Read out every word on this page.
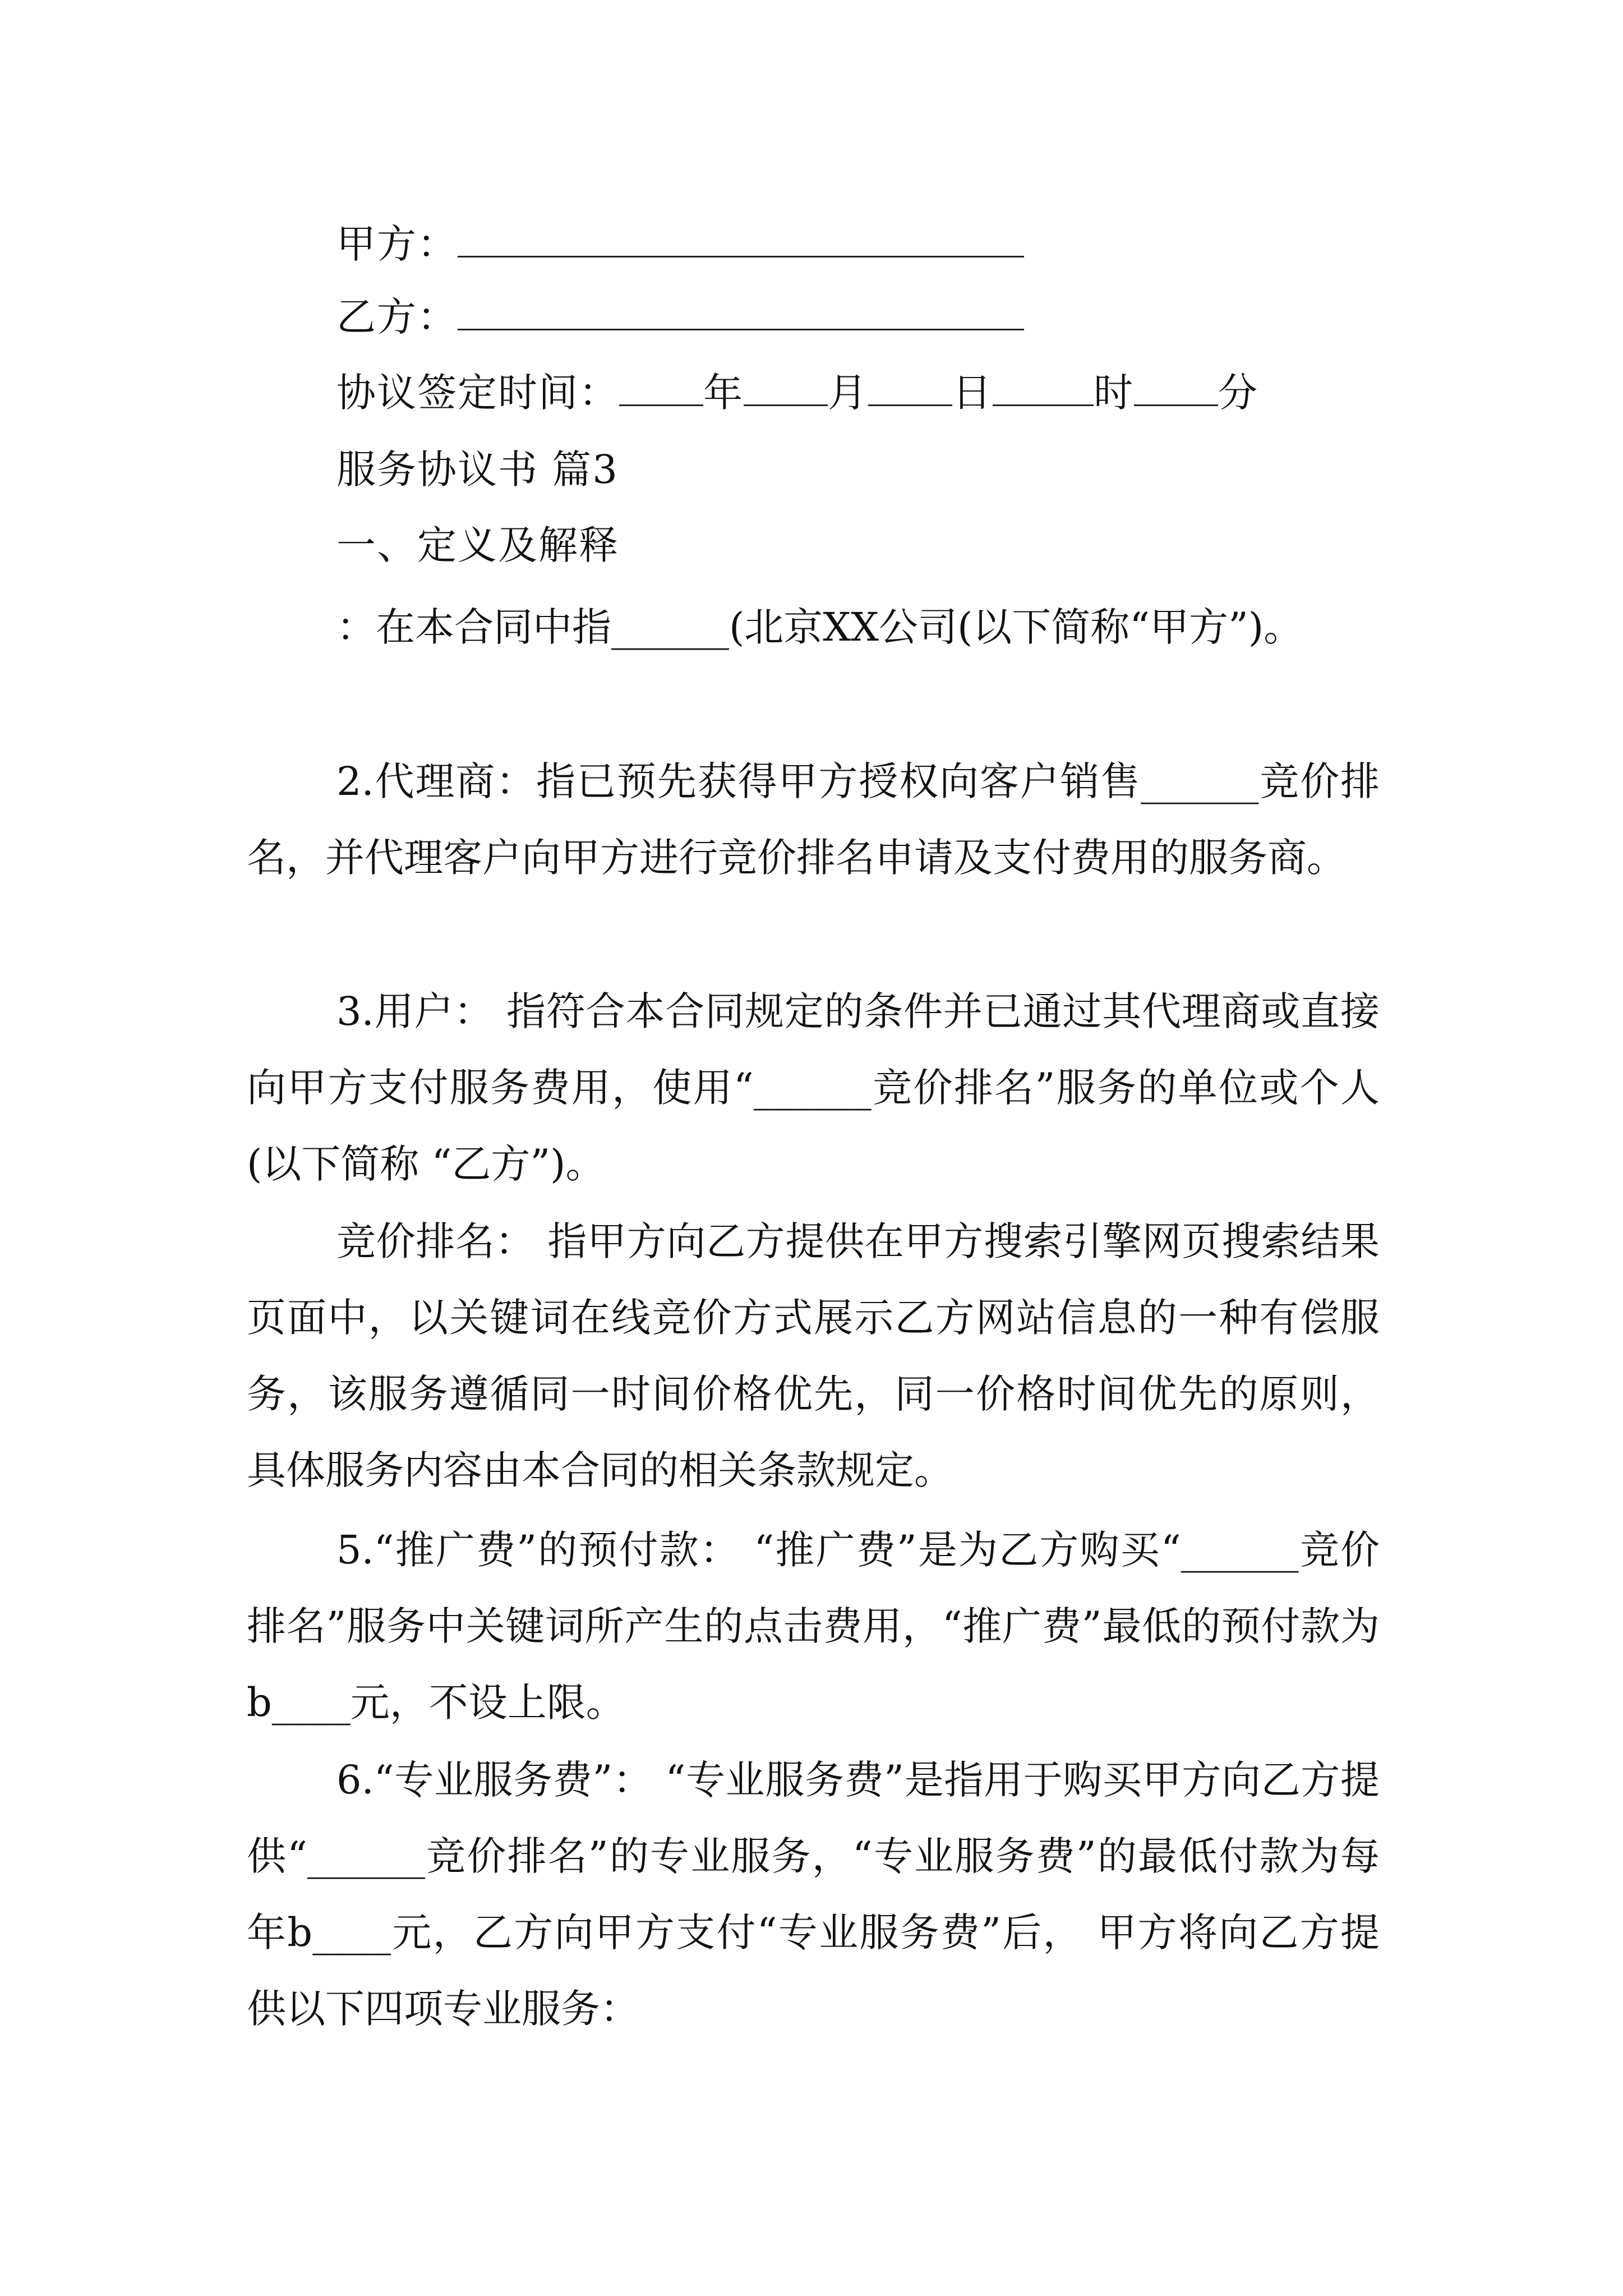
甲方：
乙方：
协议签定时间： 年 月 日	时 分
服务协议书 篇3
一、定义及解释
：在本合同中指______(北京XX公司(以下简称“甲方”)。
2.代理商：指已预先获得甲方授权向客户销售______竞价排名，并代理客户向甲方进行竞价排名申请及支付费用的服务商。
3.用户： 指符合本合同规定的条件并已通过其代理商或直接向甲方支付服务费用，使用“______竞价排名”服务的单位或个人(以下简称 “乙方”)。
竞价排名： 指甲方向乙方提供在甲方搜索引擎网页搜索结果页面中，以关键词在线竞价方式展示乙方网站信息的一种有偿服务，该服务遵循同一时间价格优先，同一价格时间优先的原则，具体服务内容由本合同的相关条款规定。
5.“推广费”的预付款： “推广费”是为乙方购买“______竞价排名”服务中关键词所产生的点击费用，“推广费”最低的预付款为b____元，不设上限。
6.“专业服务费”： “专业服务费”是指用于购买甲方向乙方提供“______竞价排名”的专业服务，“专业服务费”的最低付款为每年b____元，乙方向甲方支付“专业服务费”后， 甲方将向乙方提供以下四项专业服务：
